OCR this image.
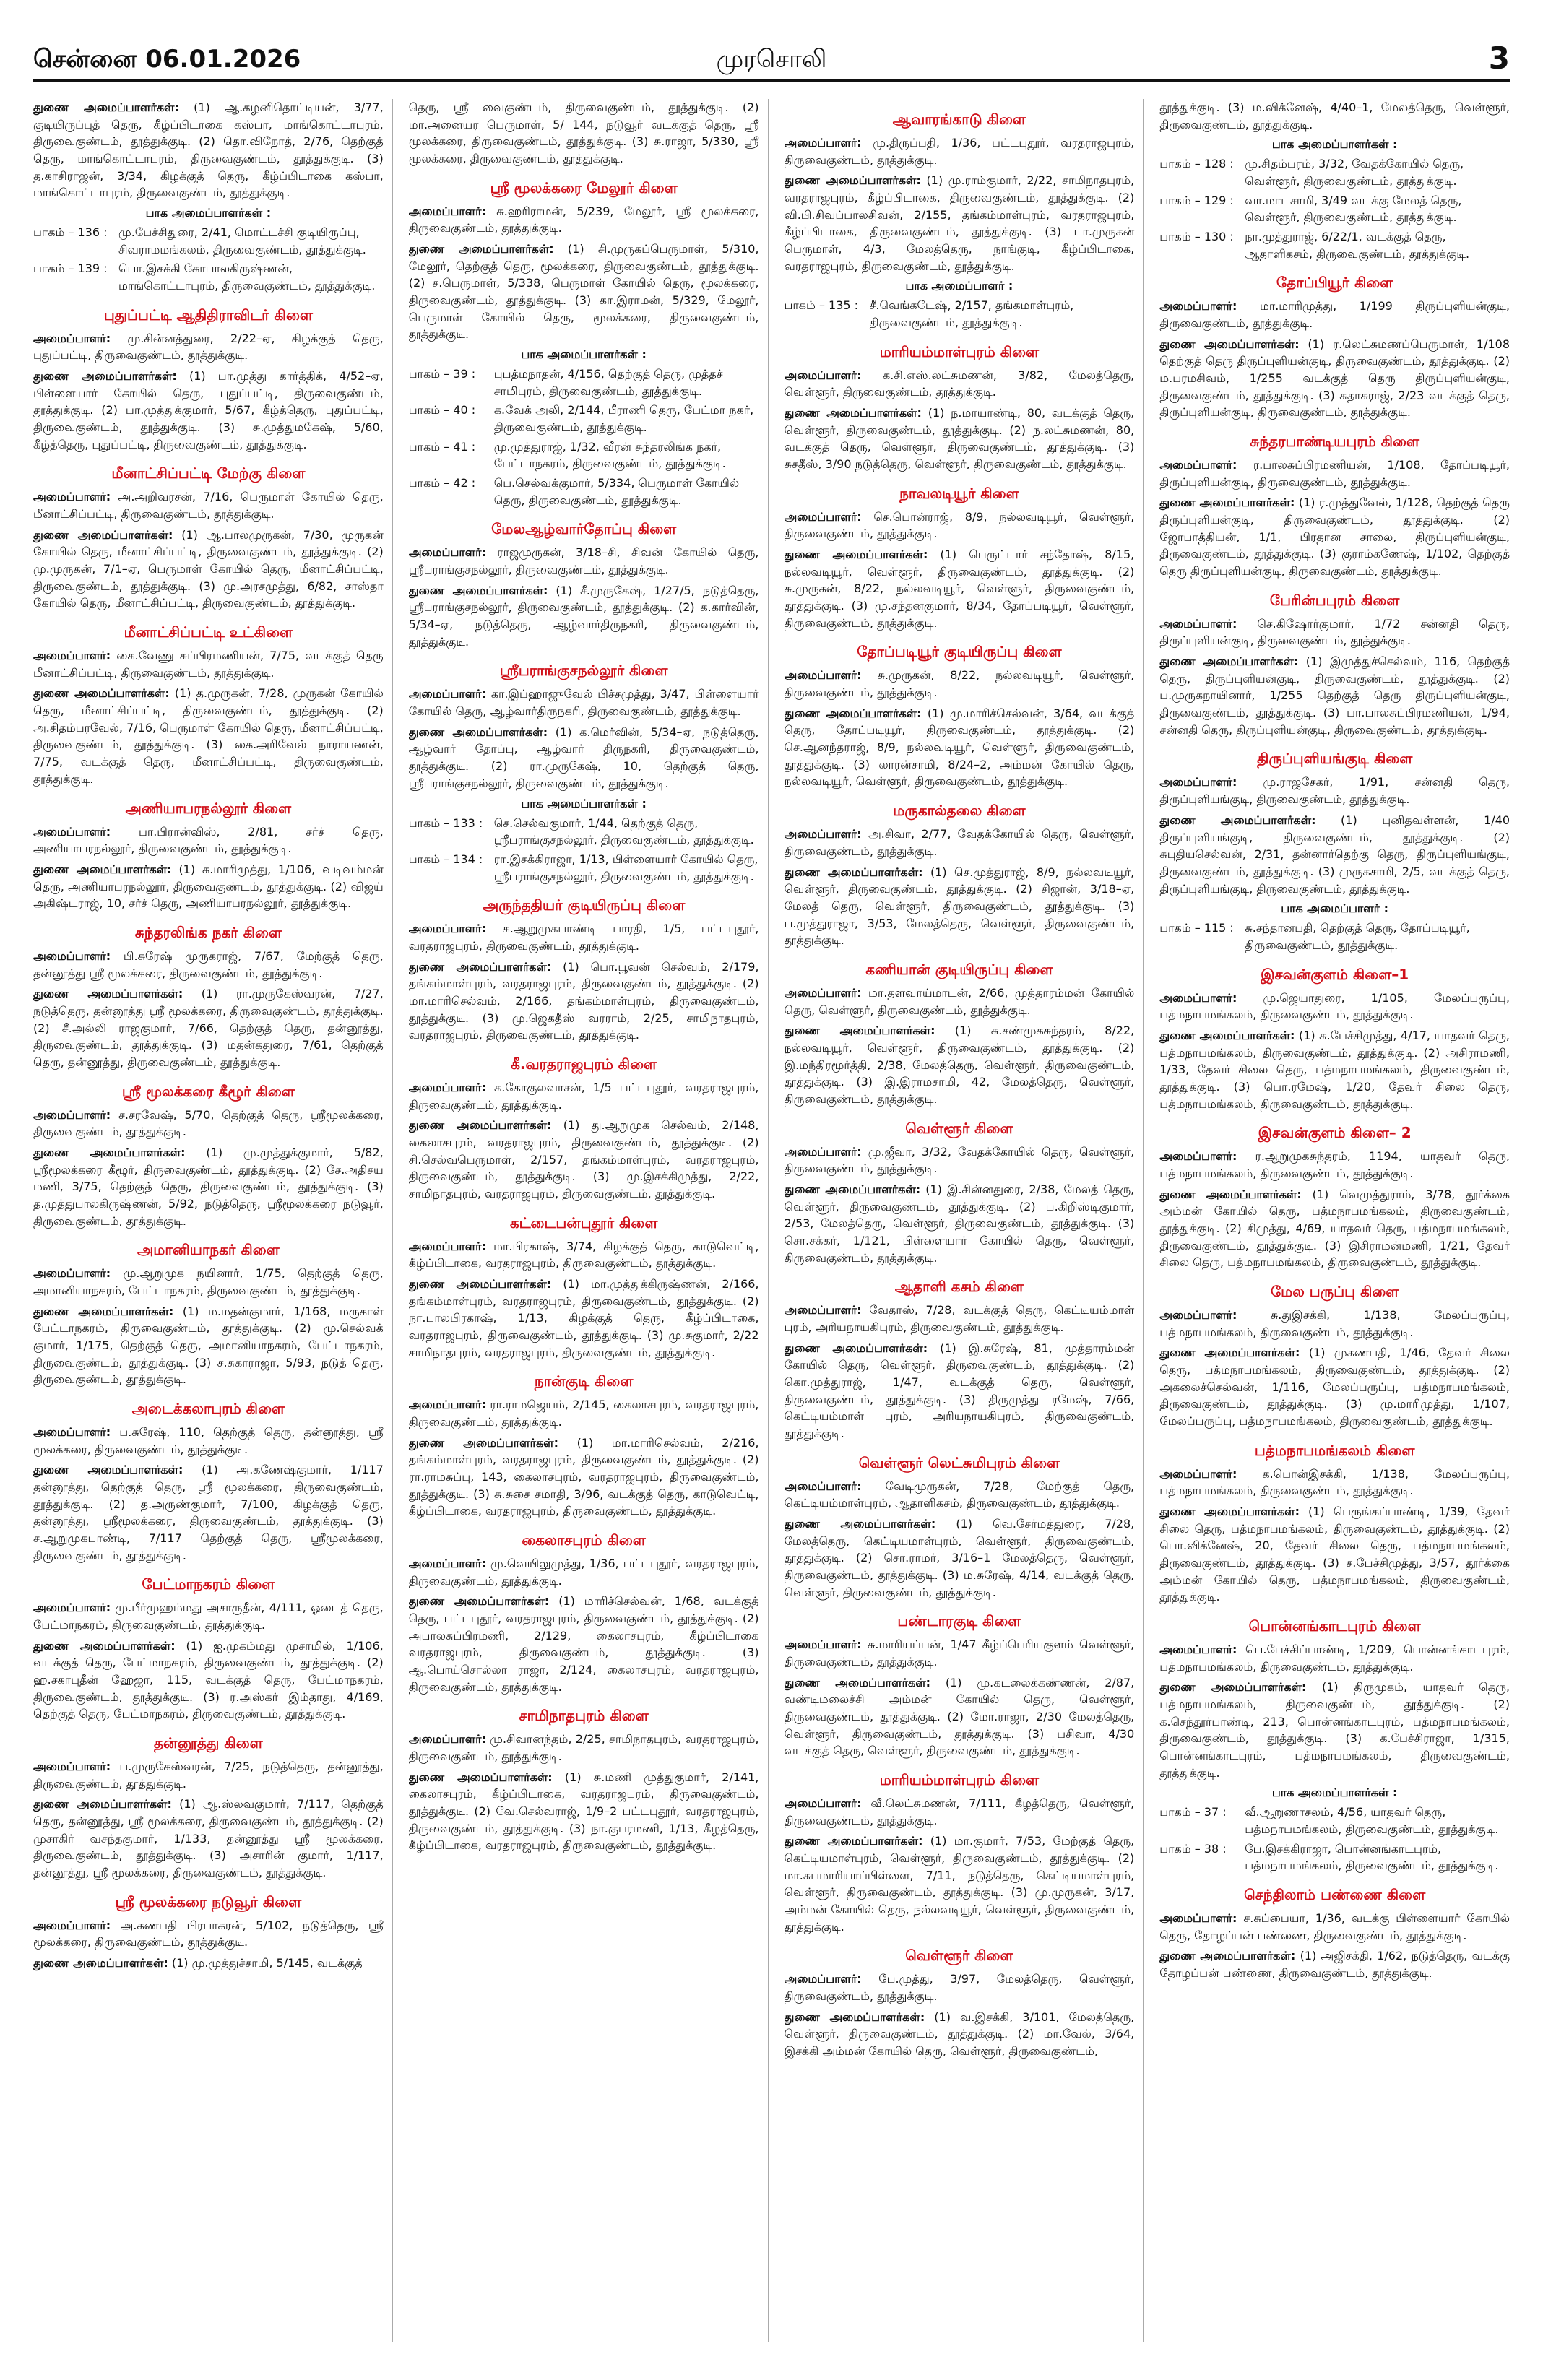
சென்னை 06.01.2026	முரசொலி	3

துணை அமைப்பாளர்கள்: (1) ஆ.கழனிதொட்டியன், 3/77, குடியிருப்புத் தெரு, கீழ்ப்பிடாகை கஸ்பா, மாங்கொட்டாபுரம், திருவைகுண்டம், தூத்துக்குடி. (2) தொ.விநோத், 2/76, தெற்குத் தெரு, மாங்கொட்டாபுரம், திருவைகுண்டம், தூத்துக்குடி. (3) த.காசிராஜன், 3/34, கிழக்குத் தெரு, கீழ்ப்பிடாகை கஸ்பா, மாங்கொட்டாபுரம், திருவைகுண்டம், தூத்துக்குடி.

பாக அமைப்பாளர்கள் :
பாகம் – 136 : மு.பேச்சிதுரை, 2/41, மொட்டச்சி குடியிருப்பு, சிவராமமங்கலம், திருவைகுண்டம், தூத்துக்குடி.
பாகம் – 139 : பொ.இசக்கி கோபாலகிருஷ்ணன், மாங்கொட்டாபுரம், திருவைகுண்டம், தூத்துக்குடி.
புதுப்பட்டி ஆதிதிராவிடர் கிளை

அமைப்பாளர்: மு.சின்னத்துரை, 2/22–ஏ, கிழக்குத் தெரு, புதுப்பட்டி, திருவைகுண்டம், தூத்துக்குடி.

துணை அமைப்பாளர்கள்: (1) பா.முத்து கார்த்திக், 4/52–ஏ, பிள்ளையார் கோயில் தெரு, புதுப்பட்டி, திருவைகுண்டம், தூத்துக்குடி. (2) பா.முத்துக்குமார், 5/67, கீழ்த்தெரு, புதுப்பட்டி, திருவைகுண்டம், தூத்துக்குடி. (3) சு.முத்துமகேஷ், 5/60, கீழ்த்தெரு, புதுப்பட்டி, திருவைகுண்டம், தூத்துக்குடி.

மீனாட்சிப்பட்டி மேற்கு கிளை

அமைப்பாளர்: அ.அறிவரசன், 7/16, பெருமாள் கோயில் தெரு, மீனாட்சிப்பட்டி, திருவைகுண்டம், தூத்துக்குடி.

துணை அமைப்பாளர்கள்: (1) ஆ.பாலமுருகன், 7/30, முருகன் கோயில் தெரு, மீனாட்சிப்பட்டி, திருவைகுண்டம், தூத்துக்குடி. (2) மு.முருகன், 7/1–ஏ, பெருமாள் கோயில் தெரு, மீனாட்சிப்பட்டி, திருவைகுண்டம், தூத்துக்குடி. (3) மு.அரசமுத்து, 6/82, சாஸ்தா கோயில் தெரு, மீனாட்சிப்பட்டி, திருவைகுண்டம், தூத்துக்குடி.

மீனாட்சிப்பட்டி உட்கிளை

அமைப்பாளர்: கை.வேணு சுப்பிரமணியன், 7/75, வடக்குத் தெரு மீனாட்சிப்பட்டி, திருவைகுண்டம், தூத்துக்குடி.

துணை அமைப்பாளர்கள்: (1) த.முருகன், 7/28, முருகன் கோயில் தெரு, மீனாட்சிப்பட்டி, திருவைகுண்டம், தூத்துக்குடி. (2) அ.சிதம்பரவேல், 7/16, பெருமாள் கோயில் தெரு, மீனாட்சிப்பட்டி, திருவைகுண்டம், தூத்துக்குடி. (3) கை.அரிவேல் நாராயணன், 7/75, வடக்குத் தெரு, மீனாட்சிப்பட்டி, திருவைகுண்டம், தூத்துக்குடி.

அணியாபரநல்லூர் கிளை

அமைப்பாளர்: பா.பிரான்விஸ், 2/81, சர்ச் தெரு, அணியாபரநல்லூர், திருவைகுண்டம், தூத்துக்குடி.

துணை அமைப்பாளர்கள்: (1) க.மாரிமுத்து, 1/106, வடிவம்மன் தெரு, அணியாபரநல்லூர், திருவைகுண்டம், தூத்துக்குடி. (2) விஜய் அகிஷ்டராஜ், 10, சர்ச் தெரு, அணியாபரநல்லூர், தூத்துக்குடி.

சுந்தரலிங்க நகர் கிளை

அமைப்பாளர்: பி.சுரேஷ் முருகராஜ், 7/67, மேற்குத் தெரு, தன்னூத்து ஸ்ரீ மூலக்கரை, திருவைகுண்டம், தூத்துக்குடி.

துணை அமைப்பாளர்கள்: (1) ரா.முருகேஸ்வரன், 7/27, நடுத்தெரு, தன்னூத்து ஸ்ரீ மூலக்கரை, திருவைகுண்டம், தூத்துக்குடி. (2) சீ.அல்லி ராஜகுமார், 7/66, தெற்குத் தெரு, தன்னூத்து, திருவைகுண்டம், தூத்துக்குடி. (3) மதன்கதுரை, 7/61, தெற்குத் தெரு, தன்னூத்து, திருவைகுண்டம், தூத்துக்குடி.

ஸ்ரீ மூலக்கரை கீழூர் கிளை

அமைப்பாளர்: ச.சரவேஷ், 5/70, தெற்குத் தெரு, ஸ்ரீமூலக்கரை, திருவைகுண்டம், தூத்துக்குடி.

துணை அமைப்பாளர்கள்: (1) மு.முத்துக்குமார், 5/82, ஸ்ரீமூலக்கரை கீழூர், திருவைகுண்டம், தூத்துக்குடி. (2) சே.அதிசய மணி, 3/75, தெற்குத் தெரு, திருவைகுண்டம், தூத்துக்குடி. (3) த.முத்துபாலகிருஷ்ணன், 5/92, நடுத்தெரு, ஸ்ரீமூலக்கரை நடுவூர், திருவைகுண்டம், தூத்துக்குடி.

அமானியாநகர் கிளை

அமைப்பாளர்: மு.ஆறுமுக நயினார், 1/75, தெற்குத் தெரு, அமானியாநகரம், பேட்டாநகரம், திருவைகுண்டம், தூத்துக்குடி.

துணை அமைப்பாளர்கள்: (1) ம.மதன்குமார், 1/168, மருகாள் பேட்டாநகரம், திருவைகுண்டம், தூத்துக்குடி. (2) மு.செல்வக் குமார், 1/175, தெற்குத் தெரு, அமானியாநகரம், பேட்டாநகரம், திருவைகுண்டம், தூத்துக்குடி. (3) ச.சுகாராஜா, 5/93, நடுத் தெரு, திருவைகுண்டம், தூத்துக்குடி.

அடைக்கலாபுரம் கிளை

அமைப்பாளர்: ப.சுரேஷ், 110, தெற்குத் தெரு, தன்னூத்து, ஸ்ரீ மூலக்கரை, திருவைகுண்டம், தூத்துக்குடி.

துணை அமைப்பாளர்கள்: (1) அ.கணேஷ்குமார், 1/117 தன்னூத்து, தெற்குத் தெரு, ஸ்ரீ மூலக்கரை, திருவைகுண்டம், தூத்துக்குடி. (2) த.அருண்குமார், 7/100, கிழக்குத் தெரு, தன்னூத்து, ஸ்ரீமூலக்கரை, திருவைகுண்டம், தூத்துக்குடி. (3) ச.ஆறுமுகபாண்டி, 7/117 தெற்குத் தெரு, ஸ்ரீமூலக்கரை, திருவைகுண்டம், தூத்துக்குடி.

பேட்மாநகரம் கிளை

அமைப்பாளர்: மு.பீர்முஹம்மது அசாருதீன், 4/111, ஓடைத் தெரு, பேட்மாநகரம், திருவைகுண்டம், தூத்துக்குடி.

துணை அமைப்பாளர்கள்: (1) ஐ.முகம்மது முசாமில், 1/106, வடக்குத் தெரு, பேட்மாநகரம், திருவைகுண்டம், தூத்துக்குடி. (2) ஹ.சகாபுதீன் ஹேஜா, 115, வடக்குத் தெரு, பேட்மாநகரம், திருவைகுண்டம், தூத்துக்குடி. (3) ர.அஸ்கர் இம்தாது, 4/169, தெற்குத் தெரு, பேட்மாநகரம், திருவைகுண்டம், தூத்துக்குடி.

தன்னூத்து கிளை

அமைப்பாளர்: ப.முருகேஸ்வரன், 7/25, நடுத்தெரு, தன்னூத்து, திருவைகுண்டம், தூத்துக்குடி.

துணை அமைப்பாளர்கள்: (1) ஆ.ஸ்லவகுமார், 7/117, தெற்குத் தெரு, தன்னூத்து, ஸ்ரீ மூலக்கரை, திருவைகுண்டம், தூத்துக்குடி. (2) முசாகிர் வசந்தகுமார், 1/133, தன்னூத்து ஸ்ரீ மூலக்கரை, திருவைகுண்டம், தூத்துக்குடி. (3) அசாரின் குமார், 1/117, தன்னூத்து, ஸ்ரீ மூலக்கரை, திருவைகுண்டம், தூத்துக்குடி.

ஸ்ரீ மூலக்கரை நடுவூர் கிளை

அமைப்பாளர்: அ.கணபதி பிரபாகரன், 5/102, நடுத்தெரு, ஸ்ரீ மூலக்கரை, திருவைகுண்டம், தூத்துக்குடி.

துணை அமைப்பாளர்கள்: (1) மு.முத்துச்சாமி, 5/145, வடக்குத்

தெரு, ஸ்ரீ வைகுண்டம், திருவைகுண்டம், தூத்துக்குடி. (2) மா.அனையர பெருமாள், 5/ 144, நடுவூர் வடக்குத் தெரு, ஸ்ரீ மூலக்கரை, திருவைகுண்டம், தூத்துக்குடி. (3) சு.ராஜா, 5/330, ஸ்ரீ மூலக்கரை, திருவைகுண்டம், தூத்துக்குடி.

ஸ்ரீ மூலக்கரை மேலூர் கிளை

அமைப்பாளர்: சு.ஹரிராமன், 5/239, மேலூர், ஸ்ரீ மூலக்கரை, திருவைகுண்டம், தூத்துக்குடி.

துணை அமைப்பாளர்கள்: (1) சி.முருகப்பெருமாள், 5/310, மேலூர், தெற்குத் தெரு, மூலக்கரை, திருவைகுண்டம், தூத்துக்குடி. (2) ச.பெருமாள், 5/338, பெருமாள் கோயில் தெரு, மூலக்கரை, திருவைகுண்டம், தூத்துக்குடி. (3) கா.இராமன், 5/329, மேலூர், பெருமாள் கோயில் தெரு, மூலக்கரை, திருவைகுண்டம், தூத்துக்குடி.

பாக அமைப்பாளர்கள் :
பாகம் – 39 :	புபத்மநாதன், 4/156, தெற்குத் தெரு, முத்தச் சாமிபுரம், திருவைகுண்டம், தூத்துக்குடி.
பாகம் – 40 :	க.வேக் அலி, 2/144, பீராணி தெரு, பேட்மா நகர், திருவைகுண்டம், தூத்துக்குடி.
பாகம் – 41 :	மு.முத்துராஜ், 1/32, வீரன் சுந்தரலிங்க நகர், பேட்டாநகரம், திருவைகுண்டம், தூத்துக்குடி.
பாகம் – 42 :	பெ.செல்வக்குமார், 5/334, பெருமாள் கோயில் தெரு, திருவைகுண்டம், தூத்துக்குடி.
மேலஆழ்வார்தோப்பு கிளை

அமைப்பாளர்: ராஜமுருகன், 3/18–சி, சிவன் கோயில் தெரு, ஸ்ரீபராங்குசநல்லூர், திருவைகுண்டம், தூத்துக்குடி.

துணை அமைப்பாளர்கள்: (1) சீ.முருகேஷ், 1/27/5, நடுத்தெரு, ஸ்ரீபராங்குசநல்லூர், திருவைகுண்டம், தூத்துக்குடி. (2) க.கார்வின், 5/34–ஏ, நடுத்தெரு, ஆழ்வார்திருநகரி, திருவைகுண்டம், தூத்துக்குடி.

ஸ்ரீபராங்குசநல்லூர் கிளை

அமைப்பாளர்: கா.இப்ஹாஜுவேல் பிச்சமுத்து, 3/47, பிள்ளையார் கோயில் தெரு, ஆழ்வார்திருநகரி, திருவைகுண்டம், தூத்துக்குடி.

துணை அமைப்பாளர்கள்: (1) க.மெர்வின், 5/34–ஏ, நடுத்தெரு, ஆழ்வார் தோப்பு, ஆழ்வார் திருநகரி, திருவைகுண்டம், தூத்துக்குடி. (2) ரா.முருகேஷ், 10, தெற்குத் தெரு, ஸ்ரீபராங்குசநல்லூர், திருவைகுண்டம், தூத்துக்குடி.

பாக அமைப்பாளர்கள் :
பாகம் – 133 : செ.செல்வகுமார், 1/44, தெற்குத் தெரு, ஸ்ரீபராங்குசநல்லூர், திருவைகுண்டம், தூத்துக்குடி.
பாகம் – 134 : ரா.இசக்கிராஜா, 1/13, பிள்ளையார் கோயில் தெரு, ஸ்ரீபராங்குசநல்லூர், திருவைகுண்டம், தூத்துக்குடி.
அருந்ததியர் குடியிருப்பு கிளை

அமைப்பாளர்: க.ஆறுமுகபாண்டி பாரதி, 1/5, பட்டபுதூர், வரதராஜபுரம், திருவைகுண்டம், தூத்துக்குடி.

துணை அமைப்பாளர்கள்: (1) பொ.பூவன் செல்வம், 2/179, தங்கம்மாள்புரம், வரதராஜபுரம், திருவைகுண்டம், தூத்துக்குடி. (2) மா.மாரிசெல்வம், 2/166, தங்கம்மாள்புரம், திருவைகுண்டம், தூத்துக்குடி. (3) மு.ஜெகதீஸ் வரராம், 2/25, சாமிநாதபுரம், வரதராஜபுரம், திருவைகுண்டம், தூத்துக்குடி.

கீ.வரதராஜபுரம் கிளை

அமைப்பாளர்: க.கோகுலவாசன், 1/5 பட்டபுதூர், வரதராஜபுரம், திருவைகுண்டம், தூத்துக்குடி.

துணை அமைப்பாளர்கள்: (1) து.ஆறுமுக செல்வம், 2/148, கைலாசபுரம், வரதராஜபுரம், திருவைகுண்டம், தூத்துக்குடி. (2) சி.செல்வபெருமாள், 2/157, தங்கம்மாள்புரம், வரதராஜபுரம், திருவைகுண்டம், தூத்துக்குடி. (3) மு.இசக்கிமுத்து, 2/22, சாமிநாதபுரம், வரதராஜபுரம், திருவைகுண்டம், தூத்துக்குடி.

கட்டைபன்புதூர் கிளை

அமைப்பாளர்: மா.பிரகாஷ், 3/74, கிழக்குத் தெரு, காடுவெட்டி, கீழ்ப்பிடாகை, வரதராஜபுரம், திருவைகுண்டம், தூத்துக்குடி.

துணை அமைப்பாளர்கள்: (1) மா.முத்துக்கிருஷ்ணன், 2/166, தங்கம்மாள்புரம், வரதராஜபுரம், திருவைகுண்டம், தூத்துக்குடி. (2) நா.பாலபிரகாஷ், 1/13, கிழக்குத் தெரு, கீழ்ப்பிடாகை, வரதராஜபுரம், திருவைகுண்டம், தூத்துக்குடி. (3) மு.சுகுமார், 2/22 சாமிநாதபுரம், வரதராஜபுரம், திருவைகுண்டம், தூத்துக்குடி.

நான்குடி கிளை

அமைப்பாளர்: ரா.ராமஜெயம், 2/145, கைலாசபுரம், வரதராஜபுரம், திருவைகுண்டம், தூத்துக்குடி.

துணை அமைப்பாளர்கள்: (1) மா.மாரிசெல்வம், 2/216, தங்கம்மாள்புரம், வரதராஜபுரம், திருவைகுண்டம், தூத்துக்குடி. (2) ரா.ராமசுப்பு, 143, கைலாசபுரம், வரதராஜபுரம், திருவைகுண்டம், தூத்துக்குடி. (3) சு.சுசை சமாதி, 3/96, வடக்குத் தெரு, காடுவெட்டி, கீழ்ப்பிடாகை, வரதராஜபுரம், திருவைகுண்டம், தூத்துக்குடி.

கைலாசபுரம் கிளை

அமைப்பாளர்: மு.வெயிலுமுத்து, 1/36, பட்டபுதூர், வரதராஜபுரம், திருவைகுண்டம், தூத்துக்குடி.

துணை அமைப்பாளர்கள்: (1) மாரிச்செல்வன், 1/68, வடக்குத் தெரு, பட்டபுதூர், வரதராஜபுரம், திருவைகுண்டம், தூத்துக்குடி. (2) அபாலசுப்பிரமணி, 2/129, கைலாசபுரம், கீழ்ப்பிடாகை வரதராஜபுரம், திருவைகுண்டம், தூத்துக்குடி. (3) ஆ.பொய்சொல்லா ராஜா, 2/124, கைலாசபுரம், வரதராஜபுரம், திருவைகுண்டம், தூத்துக்குடி.

சாமிநாதபுரம் கிளை

அமைப்பாளர்: மு.சிவானந்தம், 2/25, சாமிநாதபுரம், வரதராஜபுரம், திருவைகுண்டம், தூத்துக்குடி.

துணை அமைப்பாளர்கள்: (1) சு.மணி முத்துகுமார், 2/141, கைலாசபுரம், கீழ்ப்பிடாகை, வரதராஜபுரம், திருவைகுண்டம், தூத்துக்குடி. (2) வே.செல்வராஜ், 1/9–2 பட்டபுதூர், வரதராஜபுரம், திருவைகுண்டம், தூத்துக்குடி. (3) நா.குபரமணி, 1/13, கீழத்தெரு, கீழ்ப்பிடாகை, வரதராஜபுரம், திருவைகுண்டம், தூத்துக்குடி.

ஆவாரங்காடு கிளை

அமைப்பாளர்: மு.திருப்பதி, 1/36, பட்டபுதூர், வரதராஜபுரம், திருவைகுண்டம், தூத்துக்குடி.

துணை அமைப்பாளர்கள்: (1) மு.ராம்குமார், 2/22, சாமிநாதபுரம், வரதராஜபுரம், கீழ்ப்பிடாகை, திருவைகுண்டம், தூத்துக்குடி. (2) வி.பி.சிவப்பாலசிவன், 2/155, தங்கம்மாள்புரம், வரதராஜபுரம், கீழ்ப்பிடாகை, திருவைகுண்டம், தூத்துக்குடி. (3) பா.முருகன் பெருமாள், 4/3, மேலத்தெரு, நாங்குடி, கீழ்ப்பிடாகை, வரதராஜபுரம், திருவைகுண்டம், தூத்துக்குடி.

பாக அமைப்பாளர் :
பாகம் – 135 : சீ.வெங்கடேஷ், 2/157, தங்கமாள்புரம், திருவைகுண்டம், தூத்துக்குடி.
மாரியம்மாள்புரம் கிளை

அமைப்பாளர்: க.சி.எஸ்.லட்சுமணன், 3/82, மேலத்தெரு, வெள்ளூர், திருவைகுண்டம், தூத்துக்குடி.

துணை அமைப்பாளர்கள்: (1) ந.மாயாண்டி, 80, வடக்குத் தெரு, வெள்ளூர், திருவைகுண்டம், தூத்துக்குடி. (2) ந.லட்சுமணன், 80, வடக்குத் தெரு, வெள்ளூர், திருவைகுண்டம், தூத்துக்குடி. (3) சுசதீஸ், 3/90 நடுத்தெரு, வெள்ளூர், திருவைகுண்டம், தூத்துக்குடி.

நாவலடியூர் கிளை

அமைப்பாளர்: செ.பொன்ராஜ், 8/9, நல்லவடியூர், வெள்ளூர், திருவைகுண்டம், தூத்துக்குடி.

துணை அமைப்பாளர்கள்: (1) பெருட்டார் சந்தோஷ், 8/15, நல்லவடியூர், வெள்ளூர், திருவைகுண்டம், தூத்துக்குடி. (2) சு.முருகன், 8/22, நல்லவடியூர், வெள்ளூர், திருவைகுண்டம், தூத்துக்குடி. (3) மு.சந்தனகுமார், 8/34, தோப்படியூர், வெள்ளூர், திருவைகுண்டம், தூத்துக்குடி.

தோப்படியூர் குடியிருப்பு கிளை

அமைப்பாளர்: சு.முருகன், 8/22, நல்லவடியூர், வெள்ளூர், திருவைகுண்டம், தூத்துக்குடி.

துணை அமைப்பாளர்கள்: (1) மு.மாரிச்செல்வன், 3/64, வடக்குத் தெரு, தோப்படியூர், திருவைகுண்டம், தூத்துக்குடி. (2) செ.ஆனந்தராஜ், 8/9, நல்லவடியூர், வெள்ளூர், திருவைகுண்டம், தூத்துக்குடி. (3) லாரன்சாமி, 8/24–2, அம்மன் கோயில் தெரு, நல்லவடியூர், வெள்ளூர், திருவைகுண்டம், தூத்துக்குடி.

மருகால்தலை கிளை

அமைப்பாளர்: அ.சிவா, 2/77, வேதக்கோயில் தெரு, வெள்ளூர், திருவைகுண்டம், தூத்துக்குடி.

துணை அமைப்பாளர்கள்: (1) செ.முத்துராஜ், 8/9, நல்லவடியூர், வெள்ளூர், திருவைகுண்டம், தூத்துக்குடி. (2) சிஜான், 3/18–ஏ, மேலத் தெரு, வெள்ளூர், திருவைகுண்டம், தூத்துக்குடி. (3) ப.முத்துராஜா, 3/53, மேலத்தெரு, வெள்ளூர், திருவைகுண்டம், தூத்துக்குடி.

கணியான் குடியிருப்பு கிளை

அமைப்பாளர்: மா.தளவாய்மாடன், 2/66, முத்தாரம்மன் கோயில் தெரு, வெள்ளூர், திருவைகுண்டம், தூத்துக்குடி.

துணை அமைப்பாளர்கள்: (1) சு.சண்முகசுந்தரம், 8/22, நல்லவடியூர், வெள்ளூர், திருவைகுண்டம், தூத்துக்குடி. (2) இ.மந்திரமூர்த்தி, 2/38, மேலத்தெரு, வெள்ளூர், திருவைகுண்டம், தூத்துக்குடி. (3) இ.இராமசாமி, 42, மேலத்தெரு, வெள்ளூர், திருவைகுண்டம், தூத்துக்குடி.

வெள்ளூர் கிளை

அமைப்பாளர்: மு.ஜீவா, 3/32, வேதக்கோயில் தெரு, வெள்ளூர், திருவைகுண்டம், தூத்துக்குடி.

துணை அமைப்பாளர்கள்: (1) இ.சின்னதுரை, 2/38, மேலத் தெரு, வெள்ளூர், திருவைகுண்டம், தூத்துக்குடி. (2) ப.கிறிஸ்டிகுமார், 2/53, மேலத்தெரு, வெள்ளூர், திருவைகுண்டம், தூத்துக்குடி. (3) சொ.சக்கர், 1/121, பிள்ளையார் கோயில் தெரு, வெள்ளூர், திருவைகுண்டம், தூத்துக்குடி.

ஆதாளி கசம் கிளை

அமைப்பாளர்: வேதாஸ், 7/28, வடக்குத் தெரு, கெட்டியம்மாள் புரம், அரியநாயகிபுரம், திருவைகுண்டம், தூத்துக்குடி.

துணை அமைப்பாளர்கள்: (1) இ.சுரேஷ், 81, முத்தாரம்மன் கோயில் தெரு, வெள்ளூர், திருவைகுண்டம், தூத்துக்குடி. (2) கொ.முத்துராஜ், 1/47, வடக்குத் தெரு, வெள்ளூர், திருவைகுண்டம், தூத்துக்குடி. (3) திருமுத்து ரமேஷ், 7/66, கெட்டியம்மாள் புரம், அரியநாயகிபுரம், திருவைகுண்டம், தூத்துக்குடி.

வெள்ளூர் லெட்சுமிபுரம் கிளை

அமைப்பாளர்: வேடிமுருகன், 7/28, மேற்குத் தெரு, கெட்டியம்மாள்புரம், ஆதாளிகசம், திருவைகுண்டம், தூத்துக்குடி.

துணை அமைப்பாளர்கள்: (1) வெ.சேர்மத்துரை, 7/28, மேலத்தெரு, கெட்டியமாள்புரம், வெள்ளூர், திருவைகுண்டம், தூத்துக்குடி. (2) சொ.ராமர், 3/16–1 மேலத்தெரு, வெள்ளூர், திருவைகுண்டம், தூத்துக்குடி. (3) ம.சுரேஷ், 4/14, வடக்குத் தெரு, வெள்ளூர், திருவைகுண்டம், தூத்துக்குடி.

பண்டாரகுடி கிளை

அமைப்பாளர்: சு.மாரியப்பன், 1/47 கீழ்ப்பெரியகுளம் வெள்ளூர், திருவைகுண்டம், தூத்துக்குடி.

துணை அமைப்பாளர்கள்: (1) மு.கடலைக்கண்ணன், 2/87, வண்டிமலைச்சி அம்மன் கோயில் தெரு, வெள்ளூர், திருவைகுண்டம், தூத்துக்குடி. (2) மோ.ராஜா, 2/30 மேலத்தெரு, வெள்ளூர், திருவைகுண்டம், தூத்துக்குடி. (3) பசிவா, 4/30 வடக்குத் தெரு, வெள்ளூர், திருவைகுண்டம், தூத்துக்குடி.

மாரியம்மாள்புரம் கிளை

அமைப்பாளர்: வீ.லெட்சுமணன், 7/111, கீழத்தெரு, வெள்ளூர், திருவைகுண்டம், தூத்துக்குடி.

துணை அமைப்பாளர்கள்: (1) மா.குமார், 7/53, மேற்குத் தெரு, கெட்டியமாள்புரம், வெள்ளூர், திருவைகுண்டம், தூத்துக்குடி. (2) மா.சுபமாரியாப்பிள்ளை, 7/11, நடுத்தெரு, கெட்டியமாள்புரம், வெள்ளூர், திருவைகுண்டம், தூத்துக்குடி. (3) மு.முருகன், 3/17, அம்மன் கோயில் தெரு, நல்லவடியூர், வெள்ளூர், திருவைகுண்டம், தூத்துக்குடி.

வெள்ளூர் கிளை

அமைப்பாளர்: பே.முத்து, 3/97, மேலத்தெரு, வெள்ளூர், திருவைகுண்டம், தூத்துக்குடி.

துணை அமைப்பாளர்கள்: (1) வ.இசக்கி, 3/101, மேலத்தெரு, வெள்ளூர், திருவைகுண்டம், தூத்துக்குடி. (2) மா.வேல், 3/64, இசக்கி அம்மன் கோயில் தெரு, வெள்ளூர், திருவைகுண்டம்,

தூத்துக்குடி. (3) ம.விக்னேஷ், 4/40–1, மேலத்தெரு, வெள்ளூர், திருவைகுண்டம், தூத்துக்குடி.

பாக அமைப்பாளர்கள் :
பாகம் – 128 : மு.சிதம்பரம், 3/32, வேதக்கோயில் தெரு, வெள்ளூர், திருவைகுண்டம், தூத்துக்குடி.
பாகம் – 129 : வா.மாடசாமி, 3/49 வடக்கு மேலத் தெரு, வெள்ளூர், திருவைகுண்டம், தூத்துக்குடி.
பாகம் – 130 : நா.முத்துராஜ், 6/22/1, வடக்குத் தெரு, ஆதாளிகசம், திருவைகுண்டம், தூத்துக்குடி.
தோப்பியூர் கிளை

அமைப்பாளர்: மா.மாரிமுத்து, 1/199 திருப்புளியன்குடி, திருவைகுண்டம், தூத்துக்குடி.

துணை அமைப்பாளர்கள்: (1) ர.லெட்சுமணப்பெருமாள், 1/108 தெற்குத் தெரு திருப்புளியன்குடி, திருவைகுண்டம், தூத்துக்குடி. (2) ம.பரமசிவம், 1/255 வடக்குத் தெரு திருப்புளியன்குடி, திருவைகுண்டம், தூத்துக்குடி. (3) சுதாசுராஜ், 2/23 வடக்குத் தெரு, திருப்புளியன்குடி, திருவைகுண்டம், தூத்துக்குடி.

சுந்தரபாண்டியபுரம் கிளை

அமைப்பாளர்: ர.பாலசுப்பிரமணியன், 1/108, தோப்படியூர், திருப்புளியன்குடி, திருவைகுண்டம், தூத்துக்குடி.

துணை அமைப்பாளர்கள்: (1) ர.முத்துவேல், 1/128, தெற்குத் தெரு திருப்புளியன்குடி, திருவைகுண்டம், தூத்துக்குடி. (2) ஜோபாத்தியன், 1/1, பிரதான சாலை, திருப்புளியன்குடி, திருவைகுண்டம், தூத்துக்குடி. (3) குராம்கணேஷ், 1/102, தெற்குத் தெரு திருப்புளியன்குடி, திருவைகுண்டம், தூத்துக்குடி.

பேரின்பபுரம் கிளை

அமைப்பாளர்: செ.கிஷோர்குமார், 1/72 சன்னதி தெரு, திருப்புளியன்குடி, திருவைகுண்டம், தூத்துக்குடி.

துணை அமைப்பாளர்கள்: (1) இமுத்துச்செல்வம், 116, தெற்குத் தெரு, திருப்புளியன்குடி, திருவைகுண்டம், தூத்துக்குடி. (2) ப.முருகநாயினார், 1/255 தெற்குத் தெரு திருப்புளியன்குடி, திருவைகுண்டம், தூத்துக்குடி. (3) பா.பாலசுப்பிரமணியன், 1/94, சன்னதி தெரு, திருப்புளியன்குடி, திருவைகுண்டம், தூத்துக்குடி.

திருப்புளியங்குடி கிளை

அமைப்பாளர்: மு.ராஜசேகர், 1/91, சன்னதி தெரு, திருப்புளியங்குடி, திருவைகுண்டம், தூத்துக்குடி.

துணை அமைப்பாளர்கள்: (1) புனிதவள்ளன், 1/40 திருப்புளியங்குடி, திருவைகுண்டம், தூத்துக்குடி. (2) சுபுதியசெல்வன், 2/31, தன்னார்தெற்கு தெரு, திருப்புளியங்குடி, திருவைகுண்டம், தூத்துக்குடி. (3) முருகசாமி, 2/5, வடக்குத் தெரு, திருப்புளியங்குடி, திருவைகுண்டம், தூத்துக்குடி.

பாக அமைப்பாளர் :
பாகம் – 115 : சு.சந்தானபதி, தெற்குத் தெரு, தோப்படியூர், திருவைகுண்டம், தூத்துக்குடி.
இசவன்குளம் கிளை–1

அமைப்பாளர்: மு.ஜெயாதுரை, 1/105, மேலப்பருப்பு, பத்மநாபமங்கலம், திருவைகுண்டம், தூத்துக்குடி.

துணை அமைப்பாளர்கள்: (1) சு.பேச்சிமுத்து, 4/17, யாதவர் தெரு, பத்மநாபமங்கலம், திருவைகுண்டம், தூத்துக்குடி. (2) அசிராமணி, 1/33, தேவர் சிலை தெரு, பத்மநாபமங்கலம், திருவைகுண்டம், தூத்துக்குடி. (3) பொ.ரமேஷ், 1/20, தேவர் சிலை தெரு, பத்மநாபமங்கலம், திருவைகுண்டம், தூத்துக்குடி.

இசவன்குளம் கிளை– 2

அமைப்பாளர்: ர.ஆறுமுகசுந்தரம், 1194, யாதவர் தெரு, பத்மநாபமங்கலம், திருவைகுண்டம், தூத்துக்குடி.

துணை அமைப்பாளர்கள்: (1) வெமுத்துராம், 3/78, தூர்க்கை அம்மன் கோயில் தெரு, பத்மநாபமங்கலம், திருவைகுண்டம், தூத்துக்குடி. (2) சிமுத்து, 4/69, யாதவர் தெரு, பத்மநாபமங்கலம், திருவைகுண்டம், தூத்துக்குடி. (3) இசிராமன்மணி, 1/21, தேவர் சிலை தெரு, பத்மநாபமங்கலம், திருவைகுண்டம், தூத்துக்குடி.

மேல பருப்பு கிளை

அமைப்பாளர்:	சு.துஇசக்கி, 1/138, மேலப்பருப்பு, பத்மநாபமங்கலம், திருவைகுண்டம், தூத்துக்குடி.

துணை அமைப்பாளர்கள்: (1) முகணபதி, 1/46, தேவர் சிலை தெரு, பத்மநாபமங்கலம், திருவைகுண்டம், தூத்துக்குடி. (2) அகலைச்செல்வன், 1/116, மேலப்பருப்பு, பத்மநாபமங்கலம், திருவைகுண்டம், தூத்துக்குடி. (3) மு.மாரிமுத்து, 1/107, மேலப்பருப்பு, பத்மநாபமங்கலம், திருவைகுண்டம், தூத்துக்குடி.

பத்மநாபமங்கலம் கிளை

அமைப்பாளர்: க.பொன்இசக்கி, 1/138, மேலப்பருப்பு, பத்மநாபமங்கலம், திருவைகுண்டம், தூத்துக்குடி.

துணை அமைப்பாளர்கள்: (1) பெருங்கப்பாண்டி, 1/39, தேவர் சிலை தெரு, பத்மநாபமங்கலம், திருவைகுண்டம், தூத்துக்குடி. (2) பொ.விக்னேஷ், 20, தேவர் சிலை தெரு, பத்மநாபமங்கலம், திருவைகுண்டம், தூத்துக்குடி. (3) ச.பேச்சிமுத்து, 3/57, தூர்க்கை அம்மன் கோயில் தெரு, பத்மநாபமங்கலம், திருவைகுண்டம், தூத்துக்குடி.

பொன்னங்காடபுரம் கிளை

அமைப்பாளர்: பெ.பேச்சிப்பாண்டி, 1/209, பொன்னங்காடபுரம், பத்மநாபமங்கலம், திருவைகுண்டம், தூத்துக்குடி.

துணை அமைப்பாளர்கள்: (1) திருமுகம், யாதவர் தெரு, பத்மநாபமங்கலம், திருவைகுண்டம், தூத்துக்குடி. (2) க.செந்தூர்பாண்டி, 213, பொன்னங்காடபுரம், பத்மநாபமங்கலம், திருவைகுண்டம், தூத்துக்குடி. (3) க.பேச்சிராஜா, 1/315, பொன்னங்காடபுரம், பத்மநாபமங்கலம், திருவைகுண்டம், தூத்துக்குடி.

பாக அமைப்பாளர்கள் :
பாகம் – 37 :	வீ.ஆறுணாசலம், 4/56, யாதவர் தெரு, பத்மநாபமங்கலம், திருவைகுண்டம், தூத்துக்குடி.
பாகம் – 38 :	பே.இசக்கிராஜா, பொன்னங்காடபுரம், பத்மநாபமங்கலம், திருவைகுண்டம், தூத்துக்குடி.
செந்திலாம் பண்ணை கிளை

அமைப்பாளர்: ச.சுப்பையா, 1/36, வடக்கு பிள்ளையார் கோயில் தெரு, தோழப்பன் பண்ணை, திருவைகுண்டம், தூத்துக்குடி.

துணை அமைப்பாளர்கள்: (1) அஜிசக்தி, 1/62, நடுத்தெரு, வடக்கு தோழப்பன் பண்ணை, திருவைகுண்டம், தூத்துக்குடி.
